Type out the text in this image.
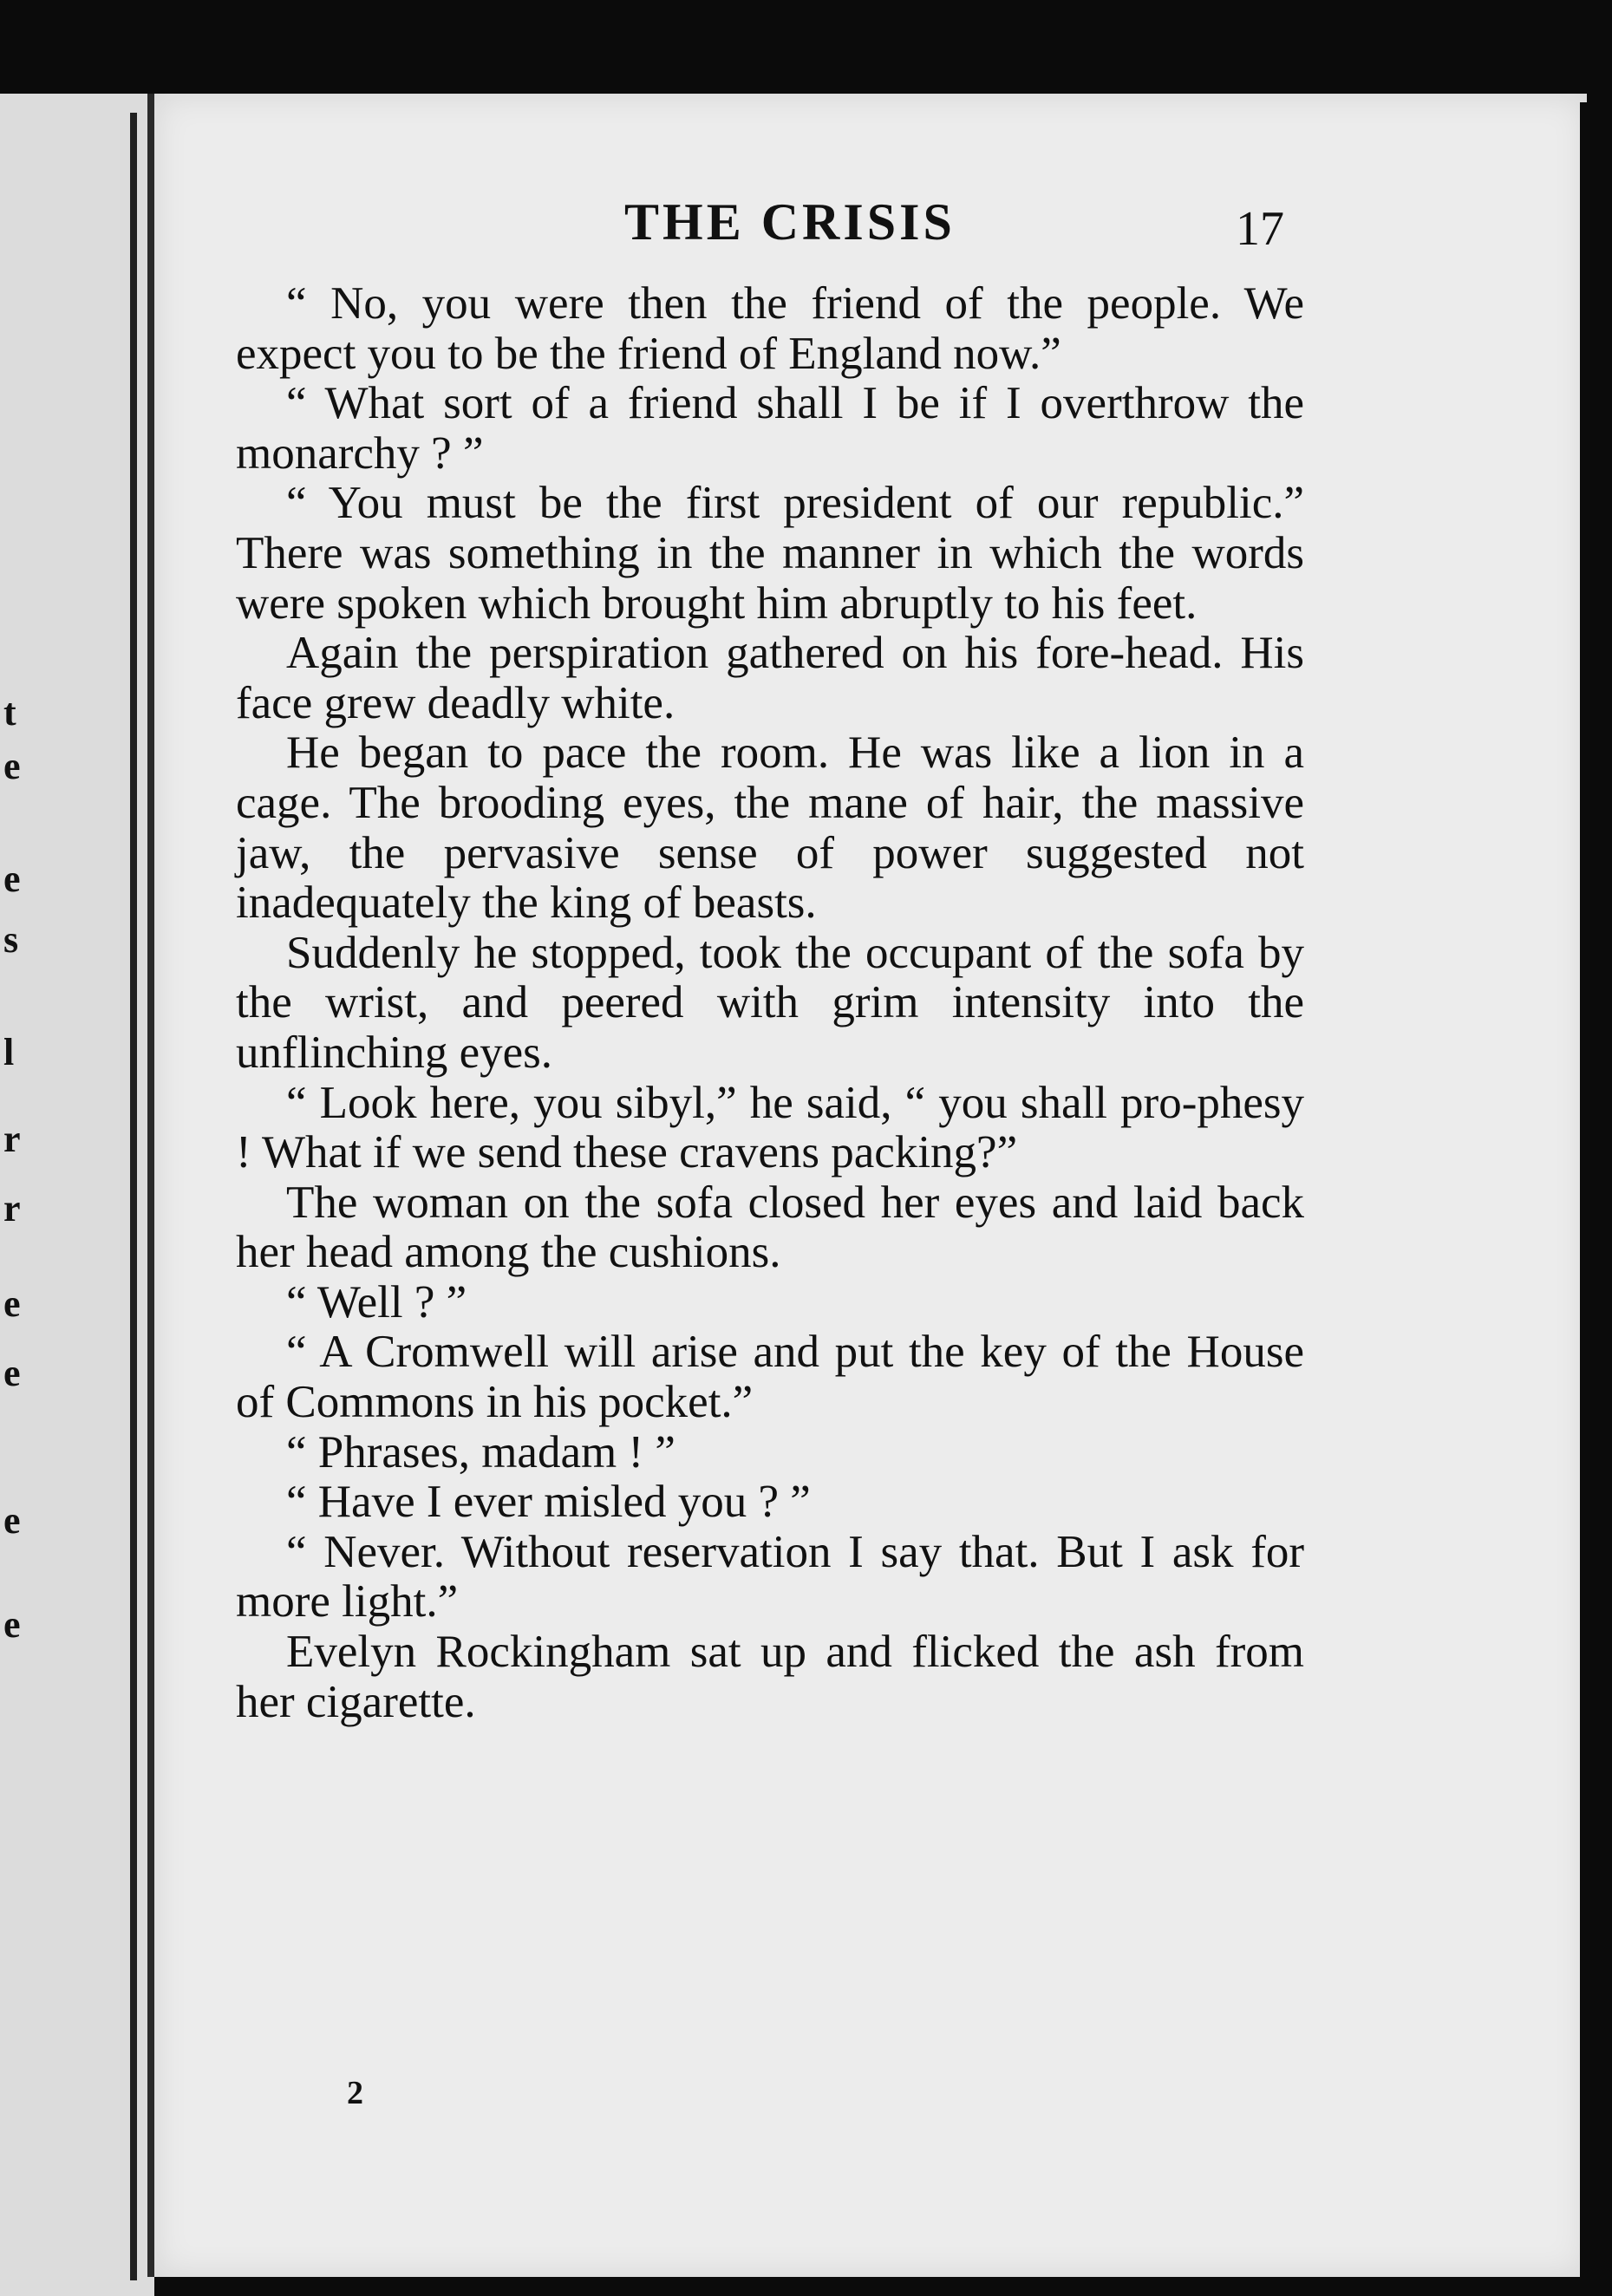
t
e
e
s
l
r
r
e
e
e
e
THE CRISIS	17

“ No, you were then the friend of the people. We expect you to be the friend of England now.”

“ What sort of a friend shall I be if I overthrow the monarchy ? ”

“ You must be the first president of our republic.” There was something in the manner in which the words were spoken which brought him abruptly to his feet.

Again the perspiration gathered on his fore-head. His face grew deadly white.

He began to pace the room. He was like a lion in a cage. The brooding eyes, the mane of hair, the massive jaw, the pervasive sense of power suggested not inadequately the king of beasts.

Suddenly he stopped, took the occupant of the sofa by the wrist, and peered with grim intensity into the unflinching eyes.

“ Look here, you sibyl,” he said, “ you shall pro-phesy ! What if we send these cravens packing?”

The woman on the sofa closed her eyes and laid back her head among the cushions.

“ Well ? ”

“ A Cromwell will arise and put the key of the House of Commons in his pocket.”

“ Phrases, madam ! ”

“ Have I ever misled you ? ”

“ Never. Without reservation I say that. But I ask for more light.”

Evelyn Rockingham sat up and flicked the ash from her cigarette.

2
